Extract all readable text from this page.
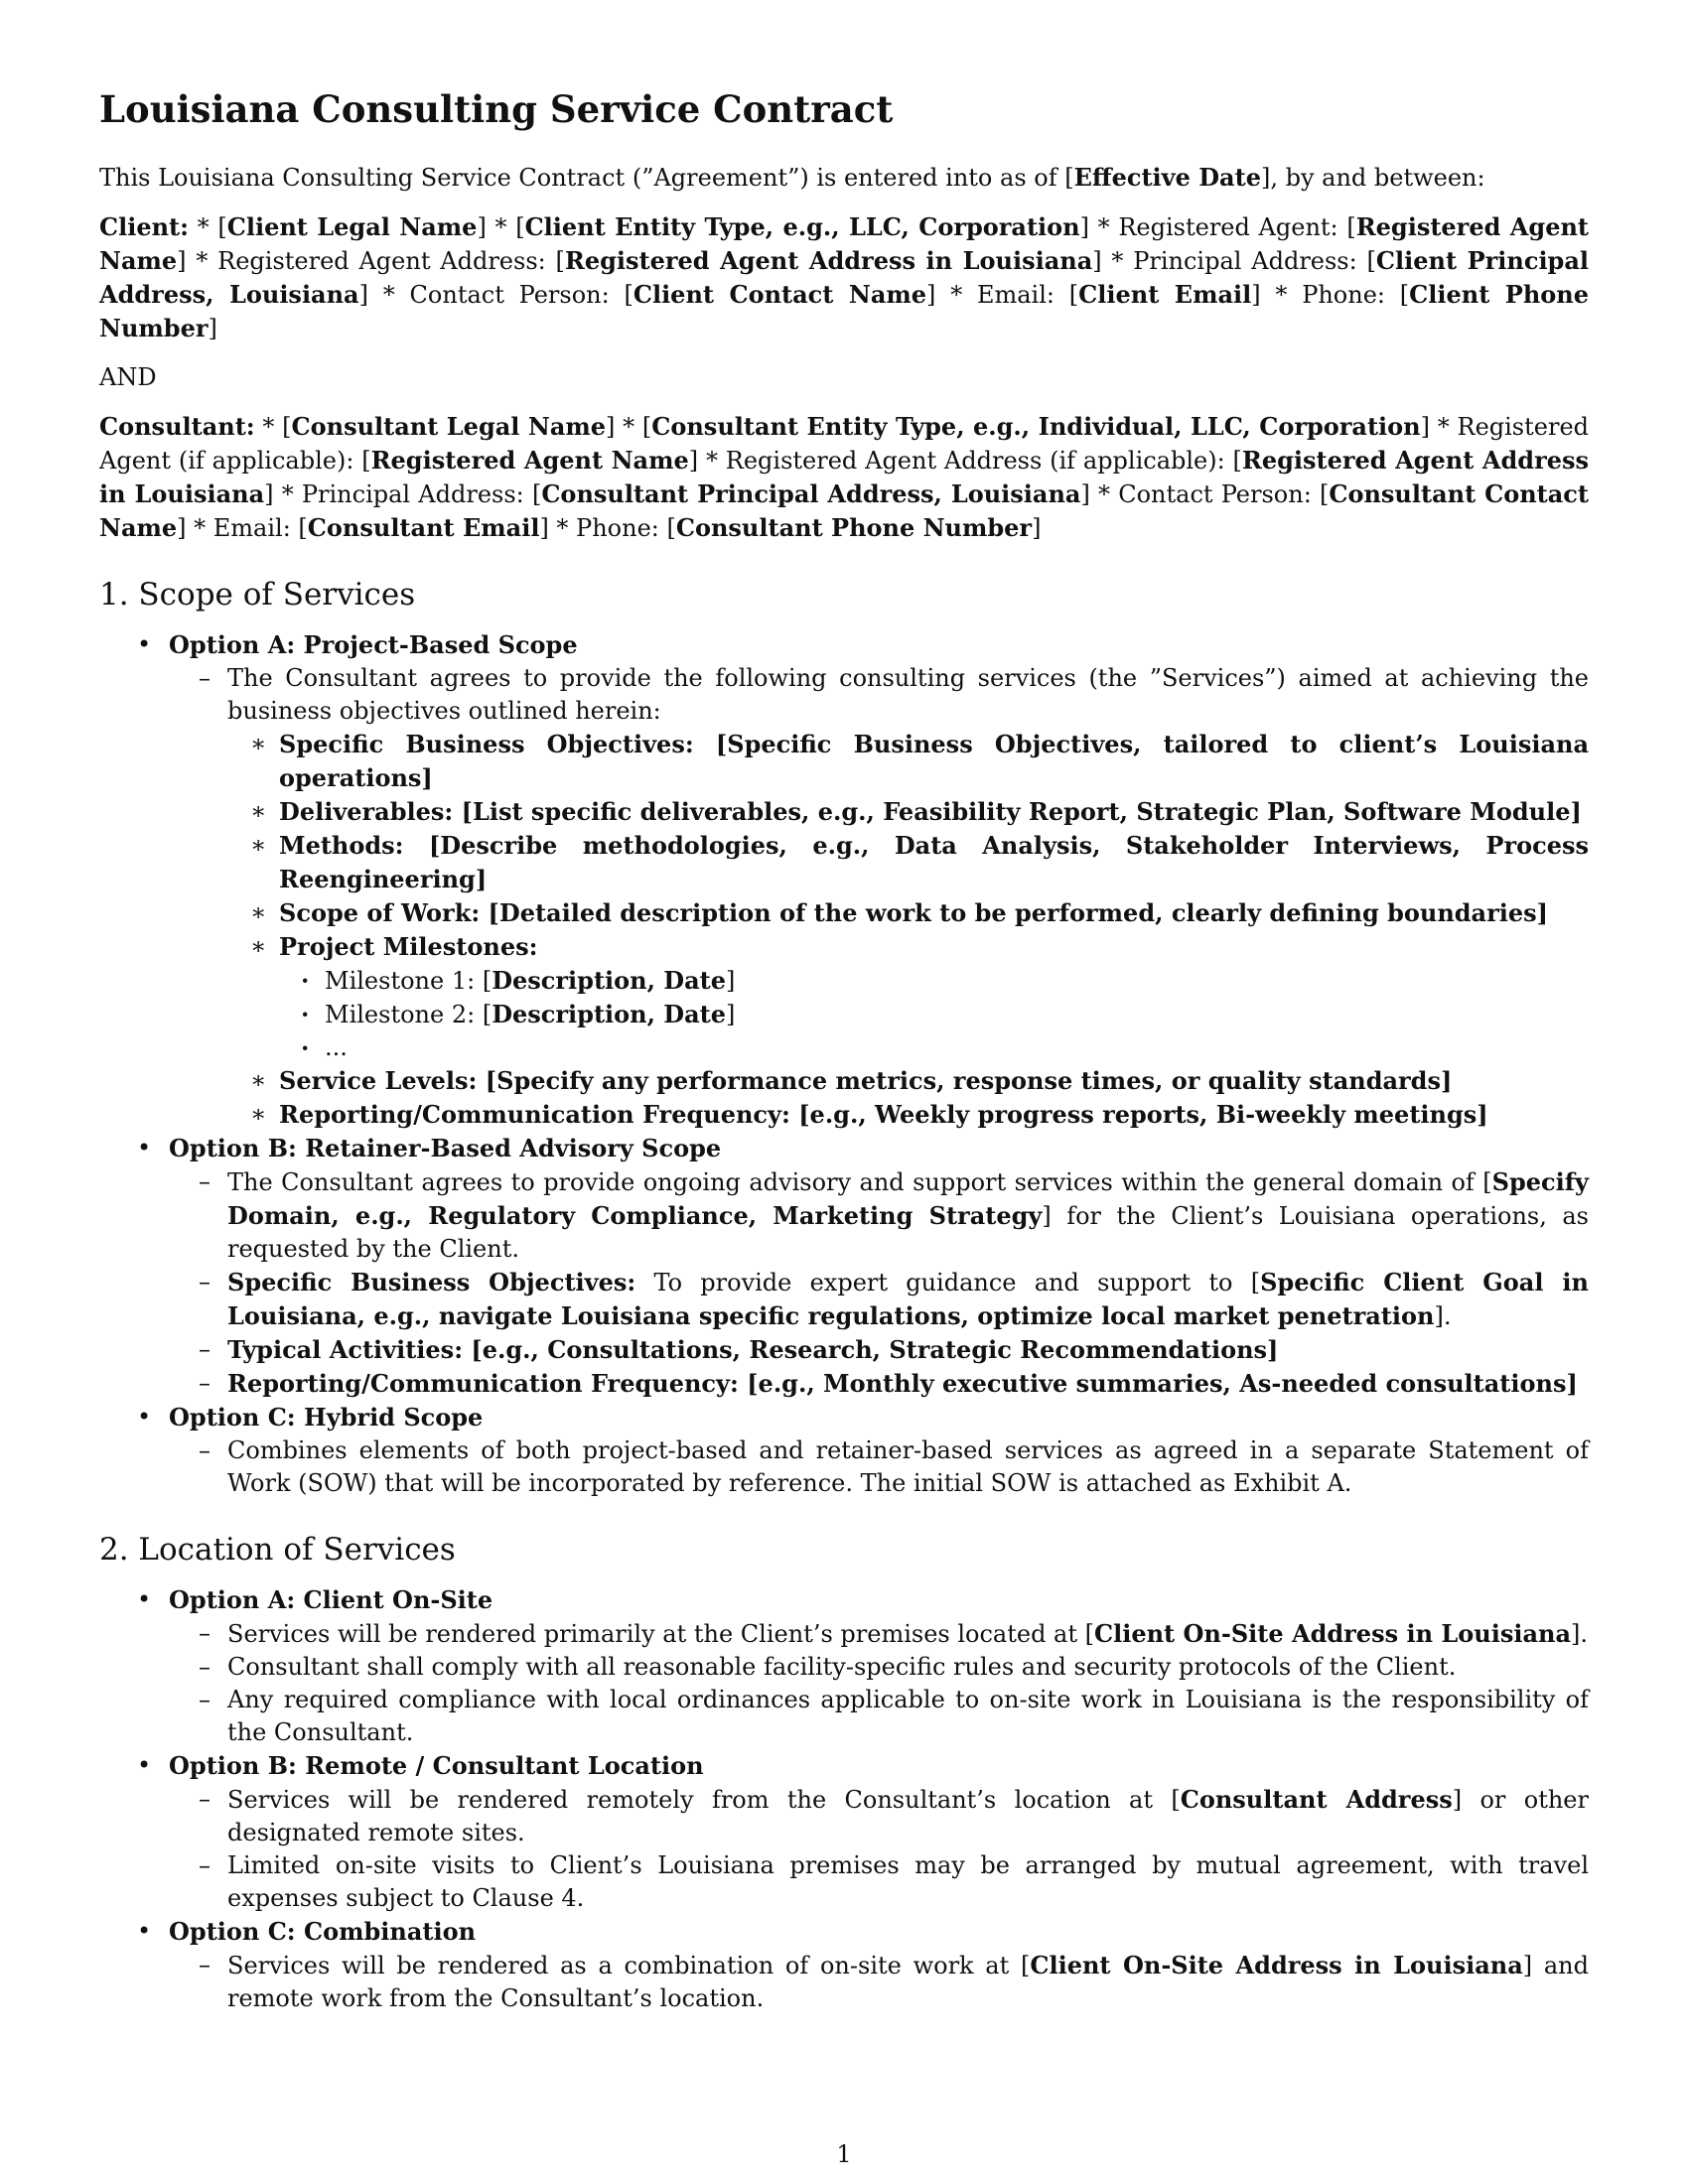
Louisiana Consulting Service Contract

This Louisiana Consulting Service Contract (”Agreement”) is entered into as of [Effective Date], by and between:

Client: * [Client Legal Name] * [Client Entity Type, e.g., LLC, Corporation] * Registered Agent: [Registered Agent Name] * Registered Agent Address: [Registered Agent Address in Louisiana] * Principal Address: [Client Principal Address, Louisiana] * Contact Person: [Client Contact Name] * Email: [Client Email] * Phone: [Client Phone Number]

AND

Consultant: * [Consultant Legal Name] * [Consultant Entity Type, e.g., Individual, LLC, Corporation] * Registered Agent (if applicable): [Registered Agent Name] * Registered Agent Address (if applicable): [Registered Agent Address in Louisiana] * Principal Address: [Consultant Principal Address, Louisiana] * Contact Person: [Consultant Contact Name] * Email: [Consultant Email] * Phone: [Consultant Phone Number]

1. Scope of Services
• Option A: Project-Based Scope
– The Consultant agrees to provide the following consulting services (the ”Services”) aimed at achieving the business objectives outlined herein:
∗ Specific Business Objectives: [Specific Business Objectives, tailored to client’s Louisiana operations]
∗ Deliverables: [List specific deliverables, e.g., Feasibility Report, Strategic Plan, Software Module]
∗ Methods: [Describe methodologies, e.g., Data Analysis, Stakeholder Interviews, Process Reengineering]
∗ Scope of Work: [Detailed description of the work to be performed, clearly defining boundaries]
∗ Project Milestones:
· Milestone 1: [Description, Date]
· Milestone 2: [Description, Date]
· ...
∗ Service Levels: [Specify any performance metrics, response times, or quality standards]
∗ Reporting/Communication Frequency: [e.g., Weekly progress reports, Bi-weekly meetings]
• Option B: Retainer-Based Advisory Scope
– The Consultant agrees to provide ongoing advisory and support services within the general domain of [Specify Domain, e.g., Regulatory Compliance, Marketing Strategy] for the Client’s Louisiana operations, as requested by the Client.
– Specific Business Objectives: To provide expert guidance and support to [Specific Client Goal in Louisiana, e.g., navigate Louisiana specific regulations, optimize local market penetration].
– Typical Activities: [e.g., Consultations, Research, Strategic Recommendations]
– Reporting/Communication Frequency: [e.g., Monthly executive summaries, As-needed consultations]
• Option C: Hybrid Scope
– Combines elements of both project-based and retainer-based services as agreed in a separate Statement of Work (SOW) that will be incorporated by reference. The initial SOW is attached as Exhibit A.
2. Location of Services
• Option A: Client On-Site
– Services will be rendered primarily at the Client’s premises located at [Client On-Site Address in Louisiana].
– Consultant shall comply with all reasonable facility-specific rules and security protocols of the Client.
– Any required compliance with local ordinances applicable to on-site work in Louisiana is the responsibility of the Consultant.
• Option B: Remote / Consultant Location
– Services will be rendered remotely from the Consultant’s location at [Consultant Address] or other designated remote sites.
– Limited on-site visits to Client’s Louisiana premises may be arranged by mutual agreement, with travel expenses subject to Clause 4.
• Option C: Combination
– Services will be rendered as a combination of on-site work at [Client On-Site Address in Louisiana] and remote work from the Consultant’s location.
1
